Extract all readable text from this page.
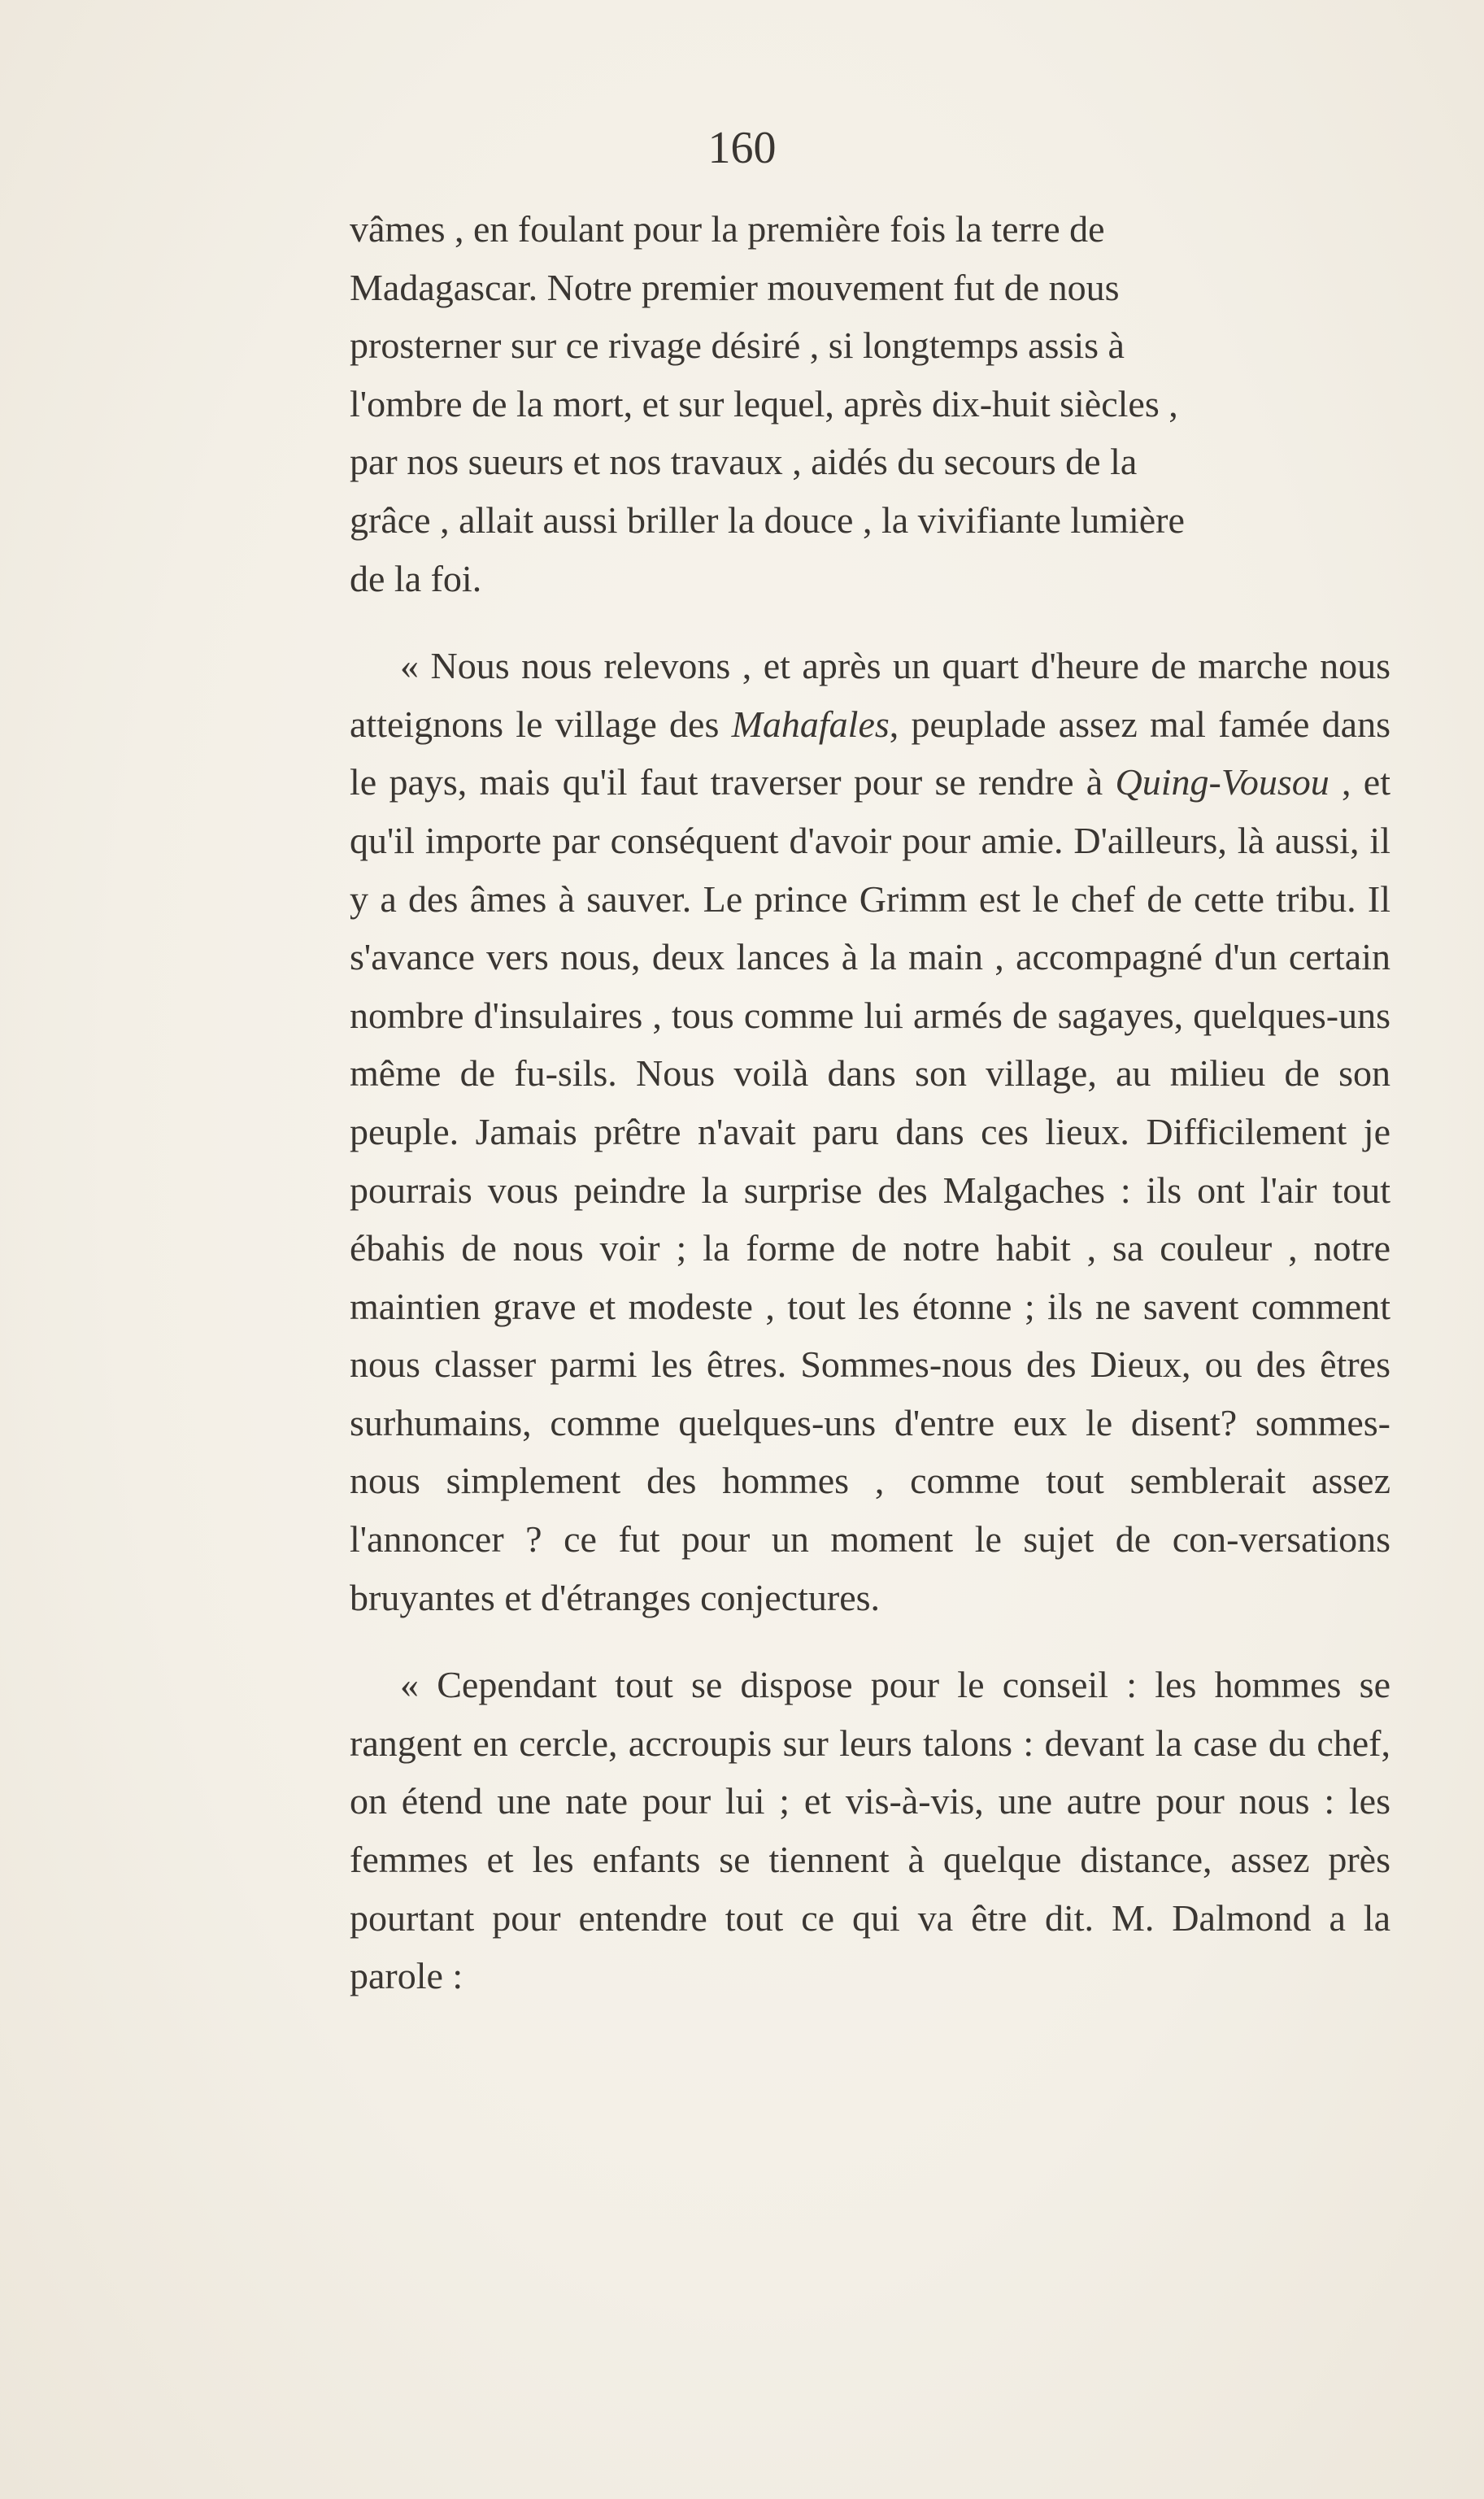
160

vâmes , en foulant pour la première fois la terre de
Madagascar. Notre premier mouvement fut de nous
prosterner sur ce rivage désiré , si longtemps assis à
l'ombre de la mort, et sur lequel, après dix-huit siècles ,
par nos sueurs et nos travaux , aidés du secours de la
grâce , allait aussi briller la douce , la vivifiante lumière
de la foi.

« Nous nous relevons , et après un quart d'heure de marche nous atteignons le village des Mahafales, peuplade assez mal famée dans le pays, mais qu'il faut traverser pour se rendre à Quing-Vousou , et qu'il importe par conséquent d'avoir pour amie. D'ailleurs, là aussi, il y a des âmes à sauver. Le prince Grimm est le chef de cette tribu. Il s'avance vers nous, deux lances à la main , accompagné d'un certain nombre d'insulaires , tous comme lui armés de sagayes, quelques-uns même de fu-sils. Nous voilà dans son village, au milieu de son peuple. Jamais prêtre n'avait paru dans ces lieux. Difficilement je pourrais vous peindre la surprise des Malgaches : ils ont l'air tout ébahis de nous voir ; la forme de notre habit , sa couleur , notre maintien grave et modeste , tout les étonne ; ils ne savent comment nous classer parmi les êtres. Sommes-nous des Dieux, ou des êtres surhumains, comme quelques-uns d'entre eux le disent? sommes-nous simplement des hommes , comme tout semblerait assez l'annoncer ? ce fut pour un moment le sujet de con-versations bruyantes et d'étranges conjectures.

« Cependant tout se dispose pour le conseil : les hommes se rangent en cercle, accroupis sur leurs talons : devant la case du chef, on étend une nate pour lui ; et vis-à-vis, une autre pour nous : les femmes et les enfants se tiennent à quelque distance, assez près pourtant pour entendre tout ce qui va être dit. M. Dalmond a la parole :
